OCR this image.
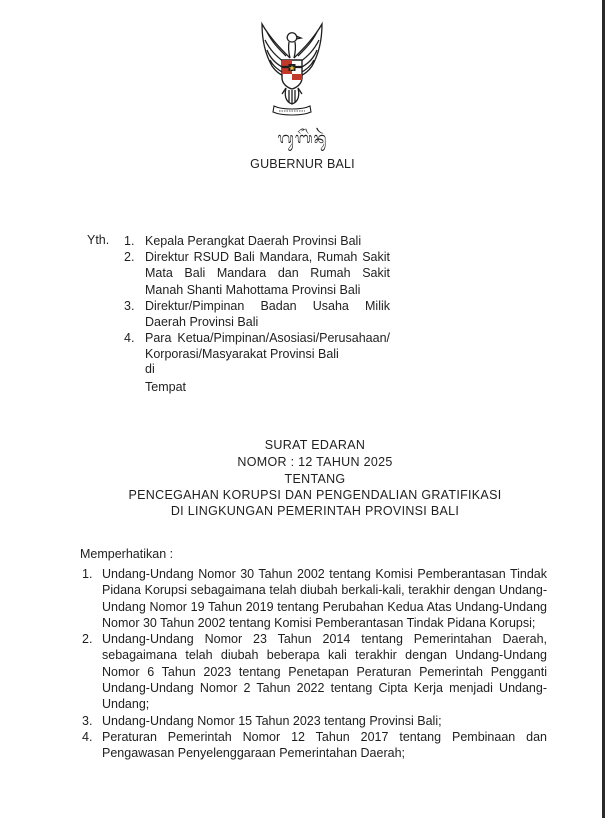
ᬕᬸᬩᭂᬃᬦᬸᬃ
GUBERNUR BALI
Yth. 1. Kepala Perangkat Daerah Provinsi Bali
2. Direktur RSUD Bali Mandara, Rumah Sakit Mata Bali Mandara dan Rumah Sakit Manah Shanti Mahottama Provinsi Bali
3. Direktur/Pimpinan Badan Usaha Milik Daerah Provinsi Bali
4. Para Ketua/Pimpinan/Asosiasi/Perusahaan/ Korporasi/Masyarakat Provinsi Bali
di
Tempat
SURAT EDARAN
NOMOR : 12 TAHUN 2025
TENTANG
PENCEGAHAN KORUPSI DAN PENGENDALIAN GRATIFIKASI
DI LINGKUNGAN PEMERINTAH PROVINSI BALI
Memperhatikan :
1. Undang-Undang Nomor 30 Tahun 2002 tentang Komisi Pemberantasan Tindak Pidana Korupsi sebagaimana telah diubah berkali-kali, terakhir dengan Undang-Undang Nomor 19 Tahun 2019 tentang Perubahan Kedua Atas Undang-Undang Nomor 30 Tahun 2002 tentang Komisi Pemberantasan Tindak Pidana Korupsi;
2. Undang-Undang Nomor 23 Tahun 2014 tentang Pemerintahan Daerah, sebagaimana telah diubah beberapa kali terakhir dengan Undang-Undang Nomor 6 Tahun 2023 tentang Penetapan Peraturan Pemerintah Pengganti Undang-Undang Nomor 2 Tahun 2022 tentang Cipta Kerja menjadi Undang-Undang;
3. Undang-Undang Nomor 15 Tahun 2023 tentang Provinsi Bali;
4. Peraturan Pemerintah Nomor 12 Tahun 2017 tentang Pembinaan dan Pengawasan Penyelenggaraan Pemerintahan Daerah;
